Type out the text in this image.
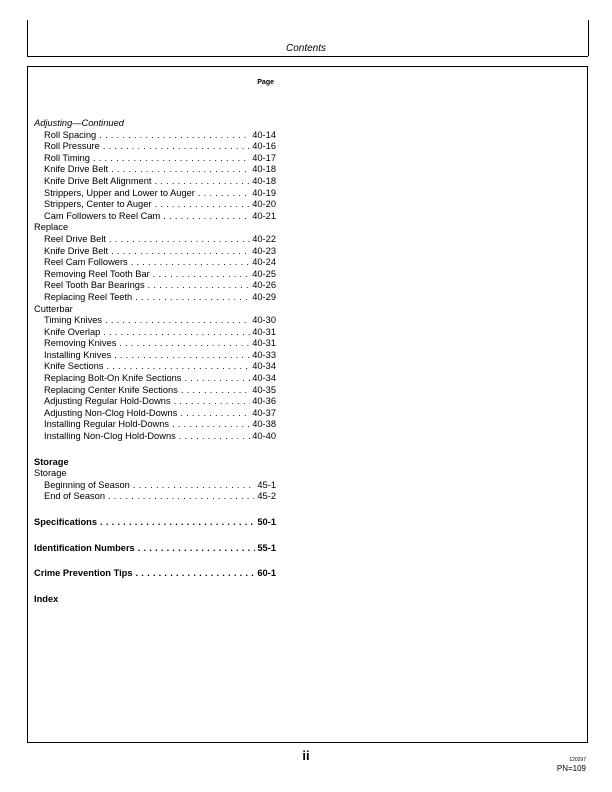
Contents
Page
Adjusting—Continued
Roll Spacing .....	40-14
Roll Pressure .....	40-16
Roll Timing .....	40-17
Knife Drive Belt .....	40-18
Knife Drive Belt Alignment .....	40-18
Strippers, Upper and Lower to Auger .....	40-19
Strippers, Center to Auger .....	40-20
Cam Followers to Reel Cam .....	40-21
Replace
Reel Drive Belt .....	40-22
Knife Drive Belt .....	40-23
Reel Cam Followers .....	40-24
Removing Reel Tooth Bar .....	40-25
Reel Tooth Bar Bearings .....	40-26
Replacing Reel Teeth .....	40-29
Cutterbar
Timing Knives .....	40-30
Knife Overlap .....	40-31
Removing Knives .....	40-31
Installing Knives .....	40-33
Knife Sections .....	40-34
Replacing Bolt-On Knife Sections .....	40-34
Replacing Center Knife Sections .....	40-35
Adjusting Regular Hold-Downs .....	40-36
Adjusting Non-Clog Hold-Downs .....	40-37
Installing Regular Hold-Downs .....	40-38
Installing Non-Clog Hold-Downs .....	40-40
Storage
Storage
Beginning of Season .....	45-1
End of Season .....	45-2
Specifications .....	50-1
Identification Numbers .....	55-1
Crime Prevention Tips .....	60-1
Index
ii	120297
PN=109
